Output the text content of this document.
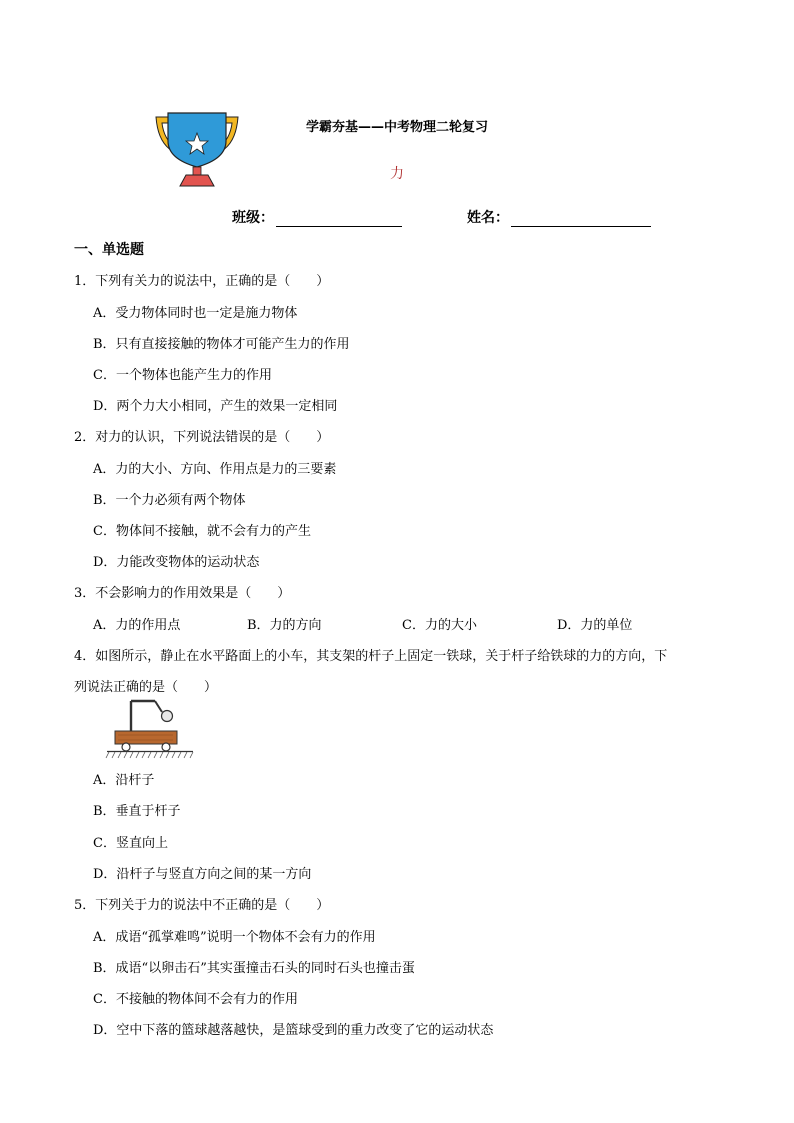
学霸夯基——中考物理二轮复习
力
班级：	姓名：
一、单选题
1．下列有关力的说法中，正确的是（　　）
A．受力物体同时也一定是施力物体
B．只有直接接触的物体才可能产生力的作用
C．一个物体也能产生力的作用
D．两个力大小相同，产生的效果一定相同
2．对力的认识，下列说法错误的是（　　）
A．力的大小、方向、作用点是力的三要素
B．一个力必须有两个物体
C．物体间不接触，就不会有力的产生
D．力能改变物体的运动状态
3．不会影响力的作用效果是（　　）
A．力的作用点	B．力的方向	C．力的大小	D．力的单位
4．如图所示，静止在水平路面上的小车，其支架的杆子上固定一铁球，关于杆子给铁球的力的方向，下
列说法正确的是（　　）
A．沿杆子
B．垂直于杆子
C．竖直向上
D．沿杆子与竖直方向之间的某一方向
5．下列关于力的说法中不正确的是（　　）
A．成语“孤掌难鸣”说明一个物体不会有力的作用
B．成语“以卵击石”其实蛋撞击石头的同时石头也撞击蛋
C．不接触的物体间不会有力的作用
D．空中下落的篮球越落越快，是篮球受到的重力改变了它的运动状态
